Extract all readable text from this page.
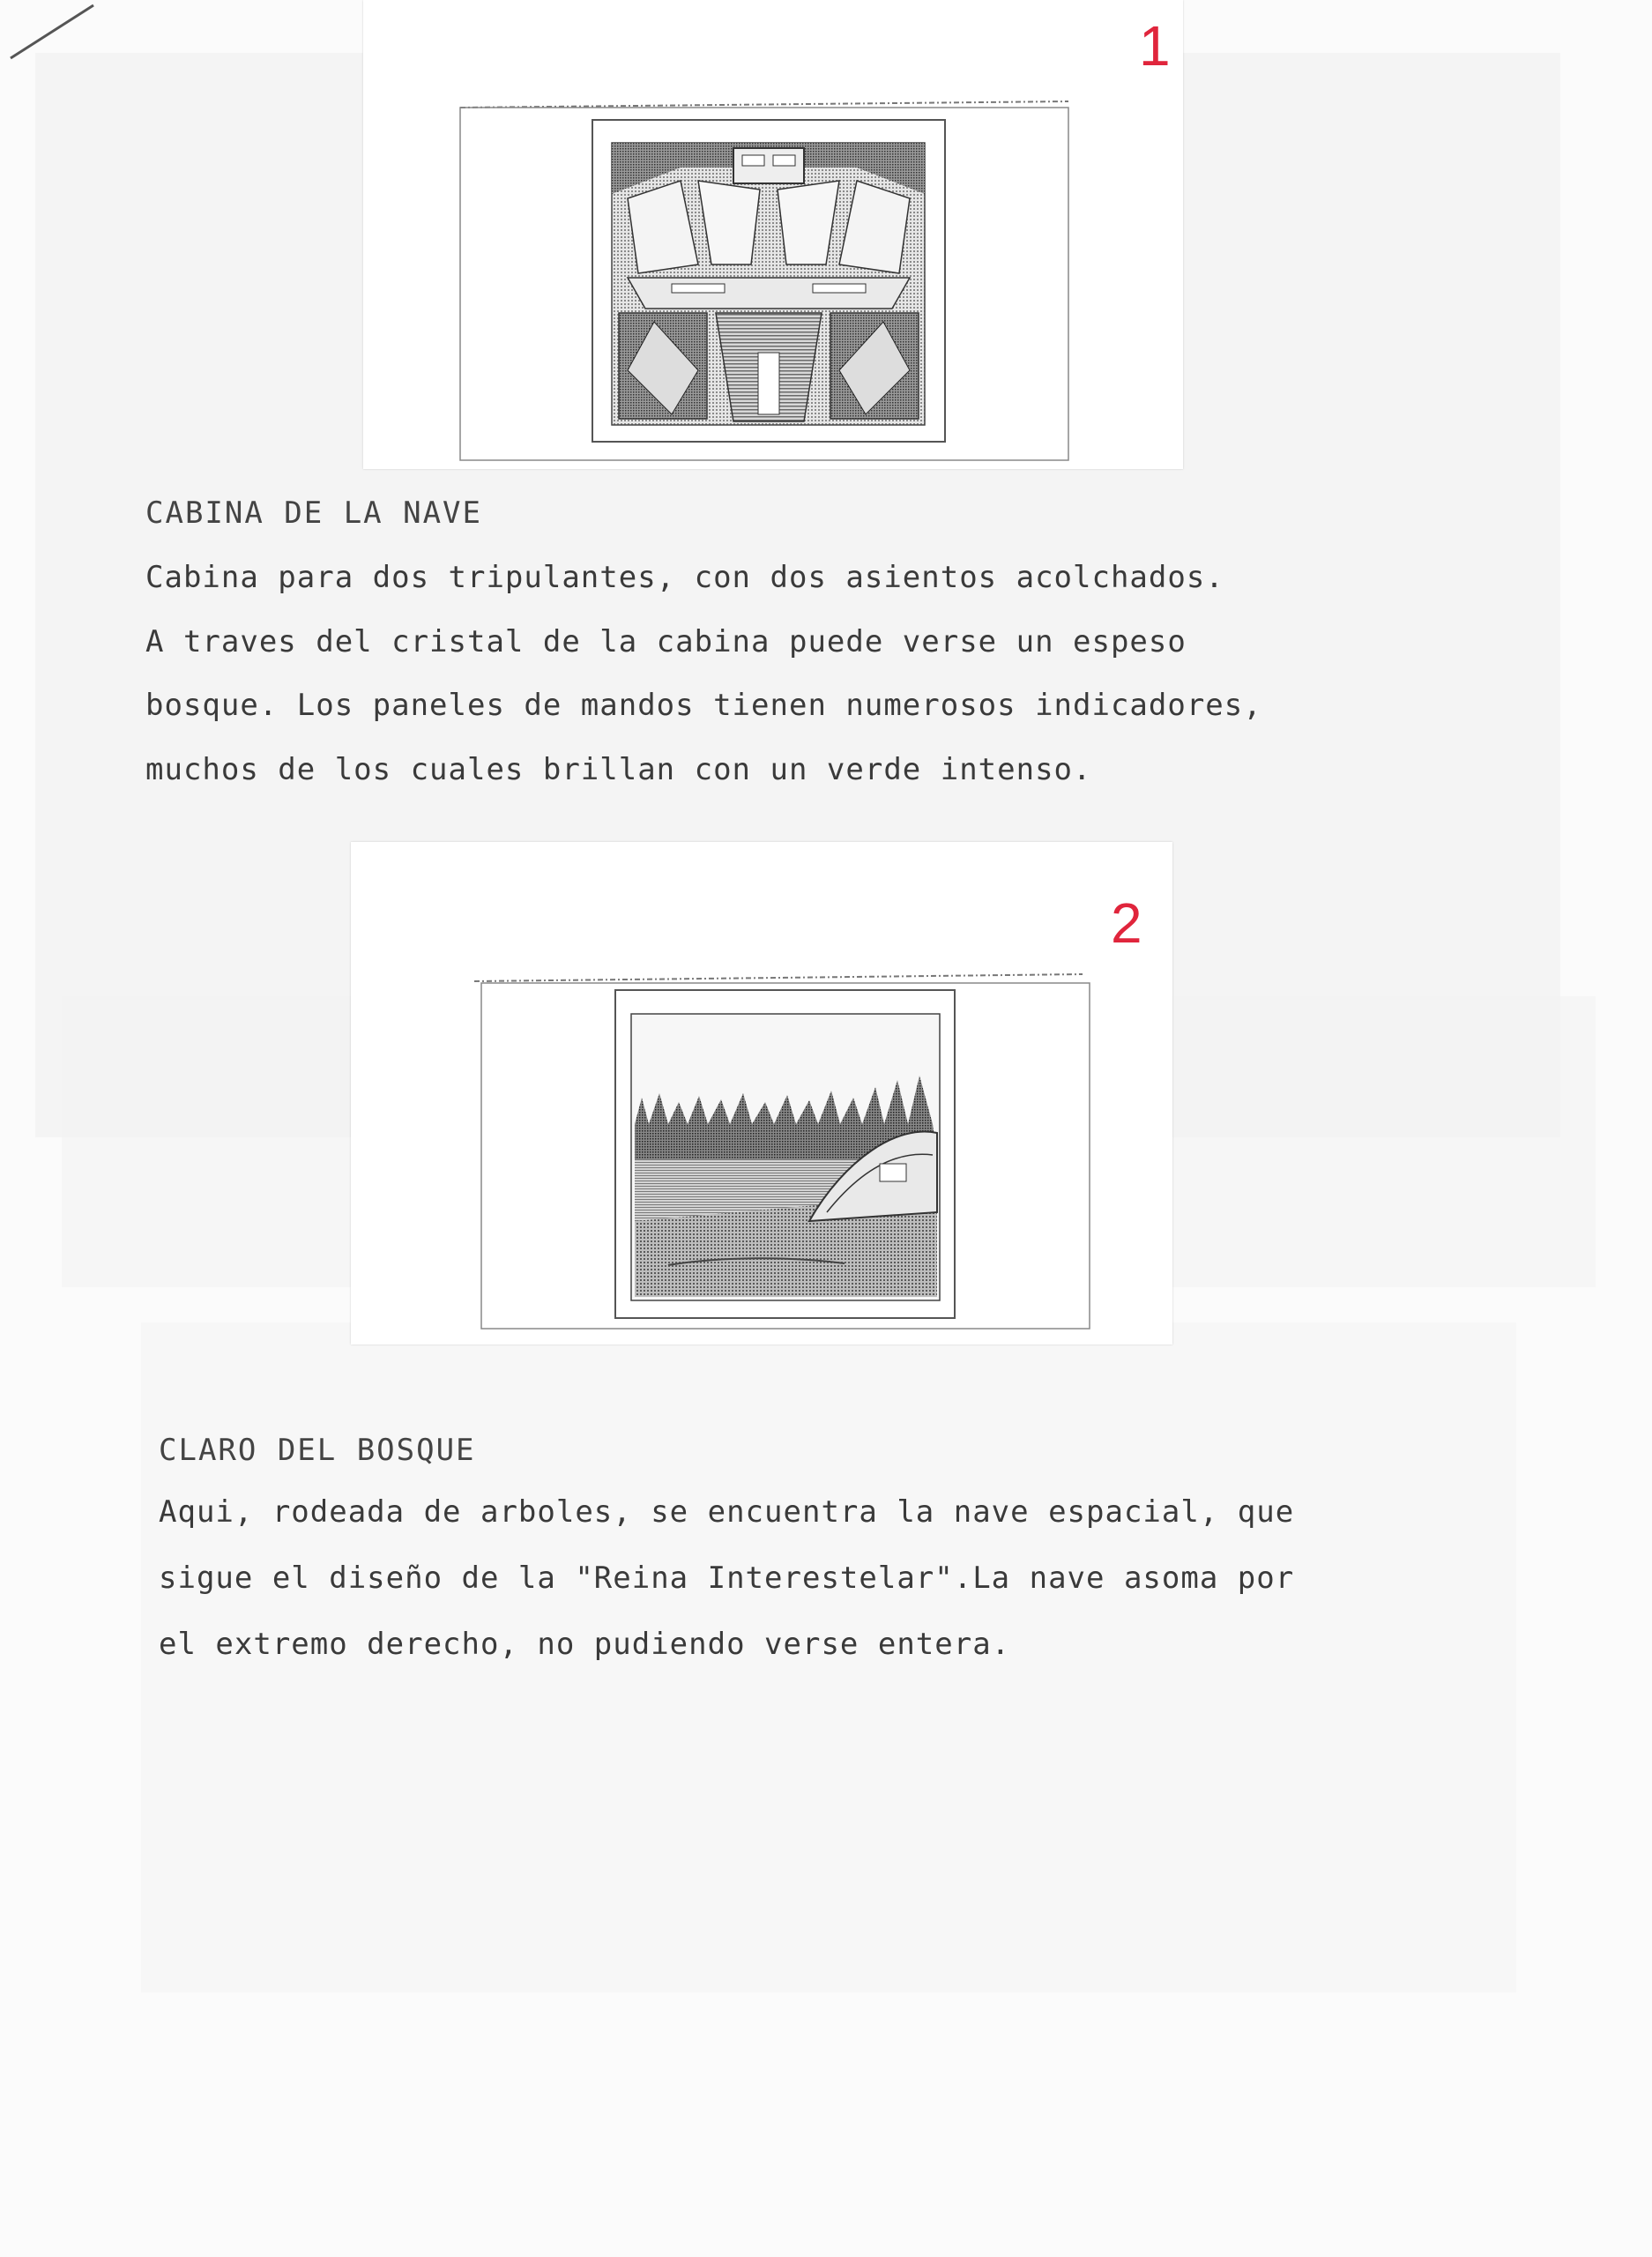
1
CABINA DE LA NAVE
Cabina para dos tripulantes, con dos asientos acolchados.
A traves del cristal de la cabina puede verse un espeso
bosque. Los paneles de mandos tienen numerosos indicadores,
muchos de los cuales brillan con un verde intenso.
2
CLARO DEL BOSQUE
Aqui, rodeada de arboles, se encuentra la nave espacial, que
sigue el diseño de la "Reina Interestelar".La nave asoma por
el extremo derecho, no pudiendo verse entera.
